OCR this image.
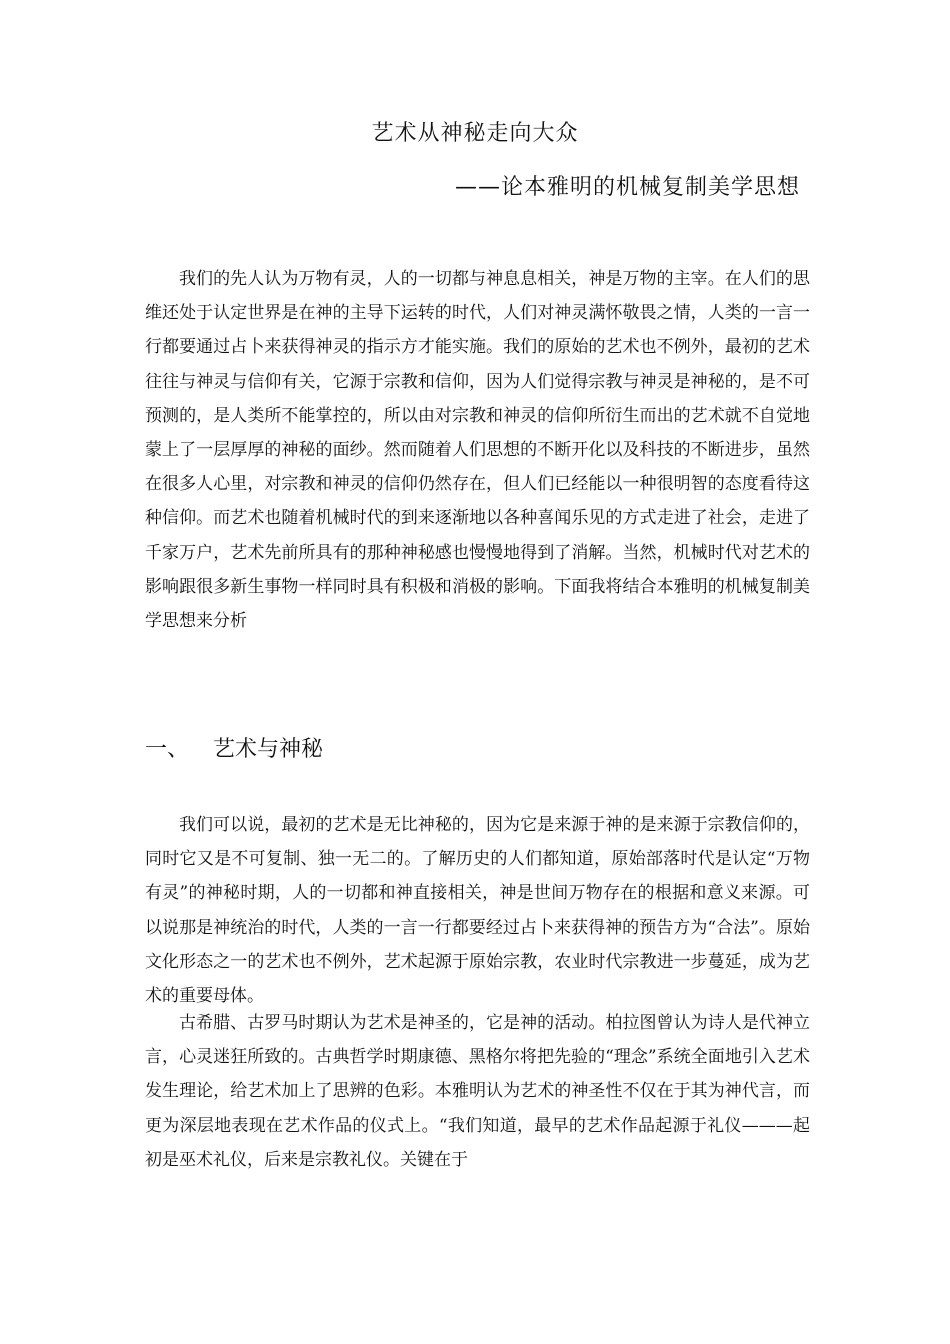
艺术从神秘走向大众
——论本雅明的机械复制美学思想

我们的先人认为万物有灵，人的一切都与神息息相关，神是万物的主宰。在人们的思维还处于认定世界是在神的主导下运转的时代，人们对神灵满怀敬畏之情，人类的一言一行都要通过占卜来获得神灵的指示方才能实施。我们的原始的艺术也不例外，最初的艺术往往与神灵与信仰有关，它源于宗教和信仰，因为人们觉得宗教与神灵是神秘的，是不可预测的，是人类所不能掌控的，所以由对宗教和神灵的信仰所衍生而出的艺术就不自觉地蒙上了一层厚厚的神秘的面纱。然而随着人们思想的不断开化以及科技的不断进步，虽然在很多人心里，对宗教和神灵的信仰仍然存在，但人们已经能以一种很明智的态度看待这种信仰。而艺术也随着机械时代的到来逐渐地以各种喜闻乐见的方式走进了社会，走进了千家万户，艺术先前所具有的那种神秘感也慢慢地得到了消解。当然，机械时代对艺术的影响跟很多新生事物一样同时具有积极和消极的影响。下面我将结合本雅明的机械复制美学思想来分析

一、 艺术与神秘

我们可以说，最初的艺术是无比神秘的，因为它是来源于神的是来源于宗教信仰的，同时它又是不可复制、独一无二的。了解历史的人们都知道，原始部落时代是认定“万物有灵”的神秘时期，人的一切都和神直接相关，神是世间万物存在的根据和意义来源。可以说那是神统治的时代，人类的一言一行都要经过占卜来获得神的预告方为“合法”。原始文化形态之一的艺术也不例外，艺术起源于原始宗教，农业时代宗教进一步蔓延，成为艺术的重要母体。

古希腊、古罗马时期认为艺术是神圣的，它是神的活动。柏拉图曾认为诗人是代神立言，心灵迷狂所致的。古典哲学时期康德、黑格尔将把先验的“理念”系统全面地引入艺术发生理论，给艺术加上了思辨的色彩。本雅明认为艺术的神圣性不仅在于其为神代言，而更为深层地表现在艺术作品的仪式上。“我们知道，最早的艺术作品起源于礼仪———起初是巫术礼仪，后来是宗教礼仪。关键在于
